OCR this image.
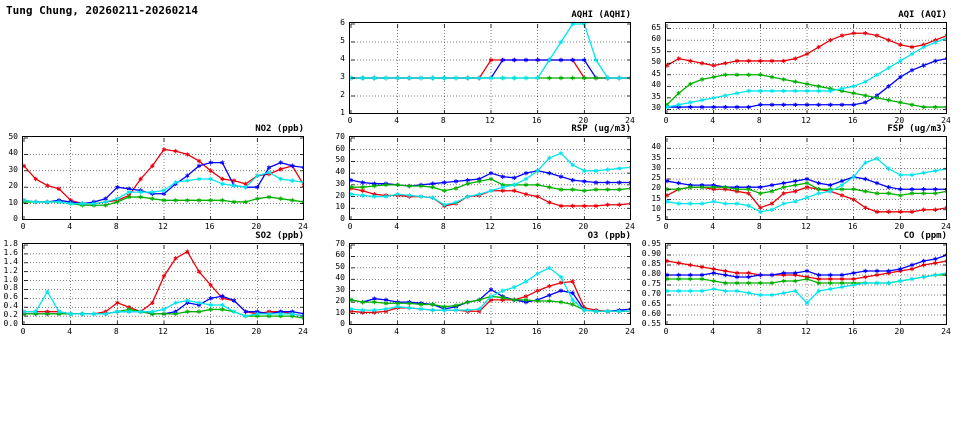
Tung Chung, 20260211-20260214	AQHI (AQHI)
0	4	8	12	16	20	24
1
2
3
4
5
6
AQI (AQI)
0	4	8	12	16	20	24
30
35
40
45
50
55
60
65
NO2 (ppb)
0	4	8	12	16	20	24
0
10
20
30
40
50
RSP (ug/m3)
0	4	8	12	16	20	24
0
10
20
30
40
50
60
70
FSP (ug/m3)
0	4	8	12	16	20	24
5
10
15
20
25
30
35
40
SO2 (ppb)
0	4	8	12	16	20	24
0.0
0.2
0.4
0.6
0.8
1.0
1.2
1.4
1.6
1.8
O3 (ppb)
0	4	8	12	16	20	24
0
10
20
30
40
50
60
70
CO (ppm)
0	4	8	12	16	20	24
0.55
0.60
0.65
0.70
0.75
0.80
0.85
0.90
0.95
